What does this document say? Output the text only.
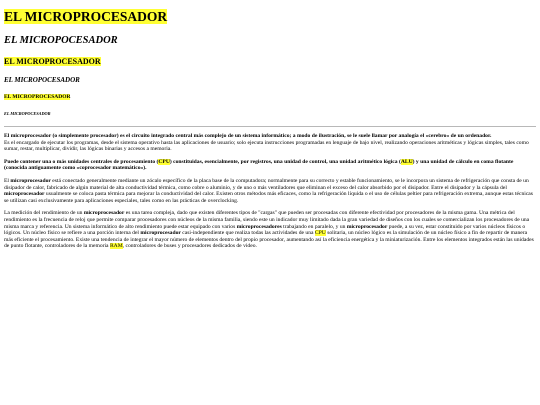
EL MICROPROCESADOR
EL MICROPOCESADOR
EL MICROPROCESADOR
EL MICROPOCESADOR
EL MICROPROCESADOR
EL MICROPOCESADOR

El microprocesador (o simplemente procesador) es el circuito integrado central más complejo de un sistema informático; a modo de ilustración, se le suele llamar por analogía el «cerebro» de un ordenador.
Es el encargado de ejecutar los programas, desde el sistema operativo hasta las aplicaciones de usuario; solo ejecuta instrucciones programadas en lenguaje de bajo nivel, realizando operaciones aritméticas y lógicas simples, tales como sumar, restar, multiplicar, dividir, las lógicas binarias y accesos a memoria.

Puede contener una o más unidades centrales de procesamiento (CPU) constituidas, esencialmente, por registros, una unidad de control, una unidad aritmético lógica (ALU) y una unidad de cálculo en coma flotante (conocida antiguamente como «coprocesador matemático»).

El microprocesador está conectado generalmente mediante un zócalo específico de la placa base de la computadora; normalmente para su correcto y estable funcionamiento, se le incorpora un sistema de refrigeración que consta de un disipador de calor, fabricado de algún material de alta conductividad térmica, como cobre o aluminio, y de uno o más ventiladores que eliminan el exceso del calor absorbido por el disipador. Entre el disipador y la cápsula del microprocesador usualmente se coloca pasta térmica para mejorar la conductividad del calor. Existen otros métodos más eficaces, como la refrigeración líquida o el uso de células peltier para refrigeración extrema, aunque estas técnicas se utilizan casi exclusivamente para aplicaciones especiales, tales como en las prácticas de overclocking.

La medición del rendimiento de un microprocesador es una tarea compleja, dado que existen diferentes tipos de "cargas" que pueden ser procesadas con diferente efectividad por procesadores de la misma gama. Una métrica del rendimiento es la frecuencia de reloj que permite comparar procesadores con núcleos de la misma familia, siendo este un indicador muy limitado dada la gran variedad de diseños con los cuales se comercializan los procesadores de una misma marca y referencia. Un sistema informático de alto rendimiento puede estar equipado con varios microprocesadores trabajando en paralelo, y un microprocesador puede, a su vez, estar constituido por varios núcleos físicos o lógicos. Un núcleo físico se refiere a una porción interna del microprocesador casi-independiente que realiza todas las actividades de una CPU solitaria, un núcleo lógico es la simulación de un núcleo físico a fin de repartir de manera más eficiente el procesamiento. Existe una tendencia de integrar el mayor número de elementos dentro del propio procesador, aumentando así la eficiencia energética y la miniaturización. Entre los elementos integrados están las unidades de punto flotante, controladores de la memoria RAM, controladores de buses y procesadores dedicados de video.
